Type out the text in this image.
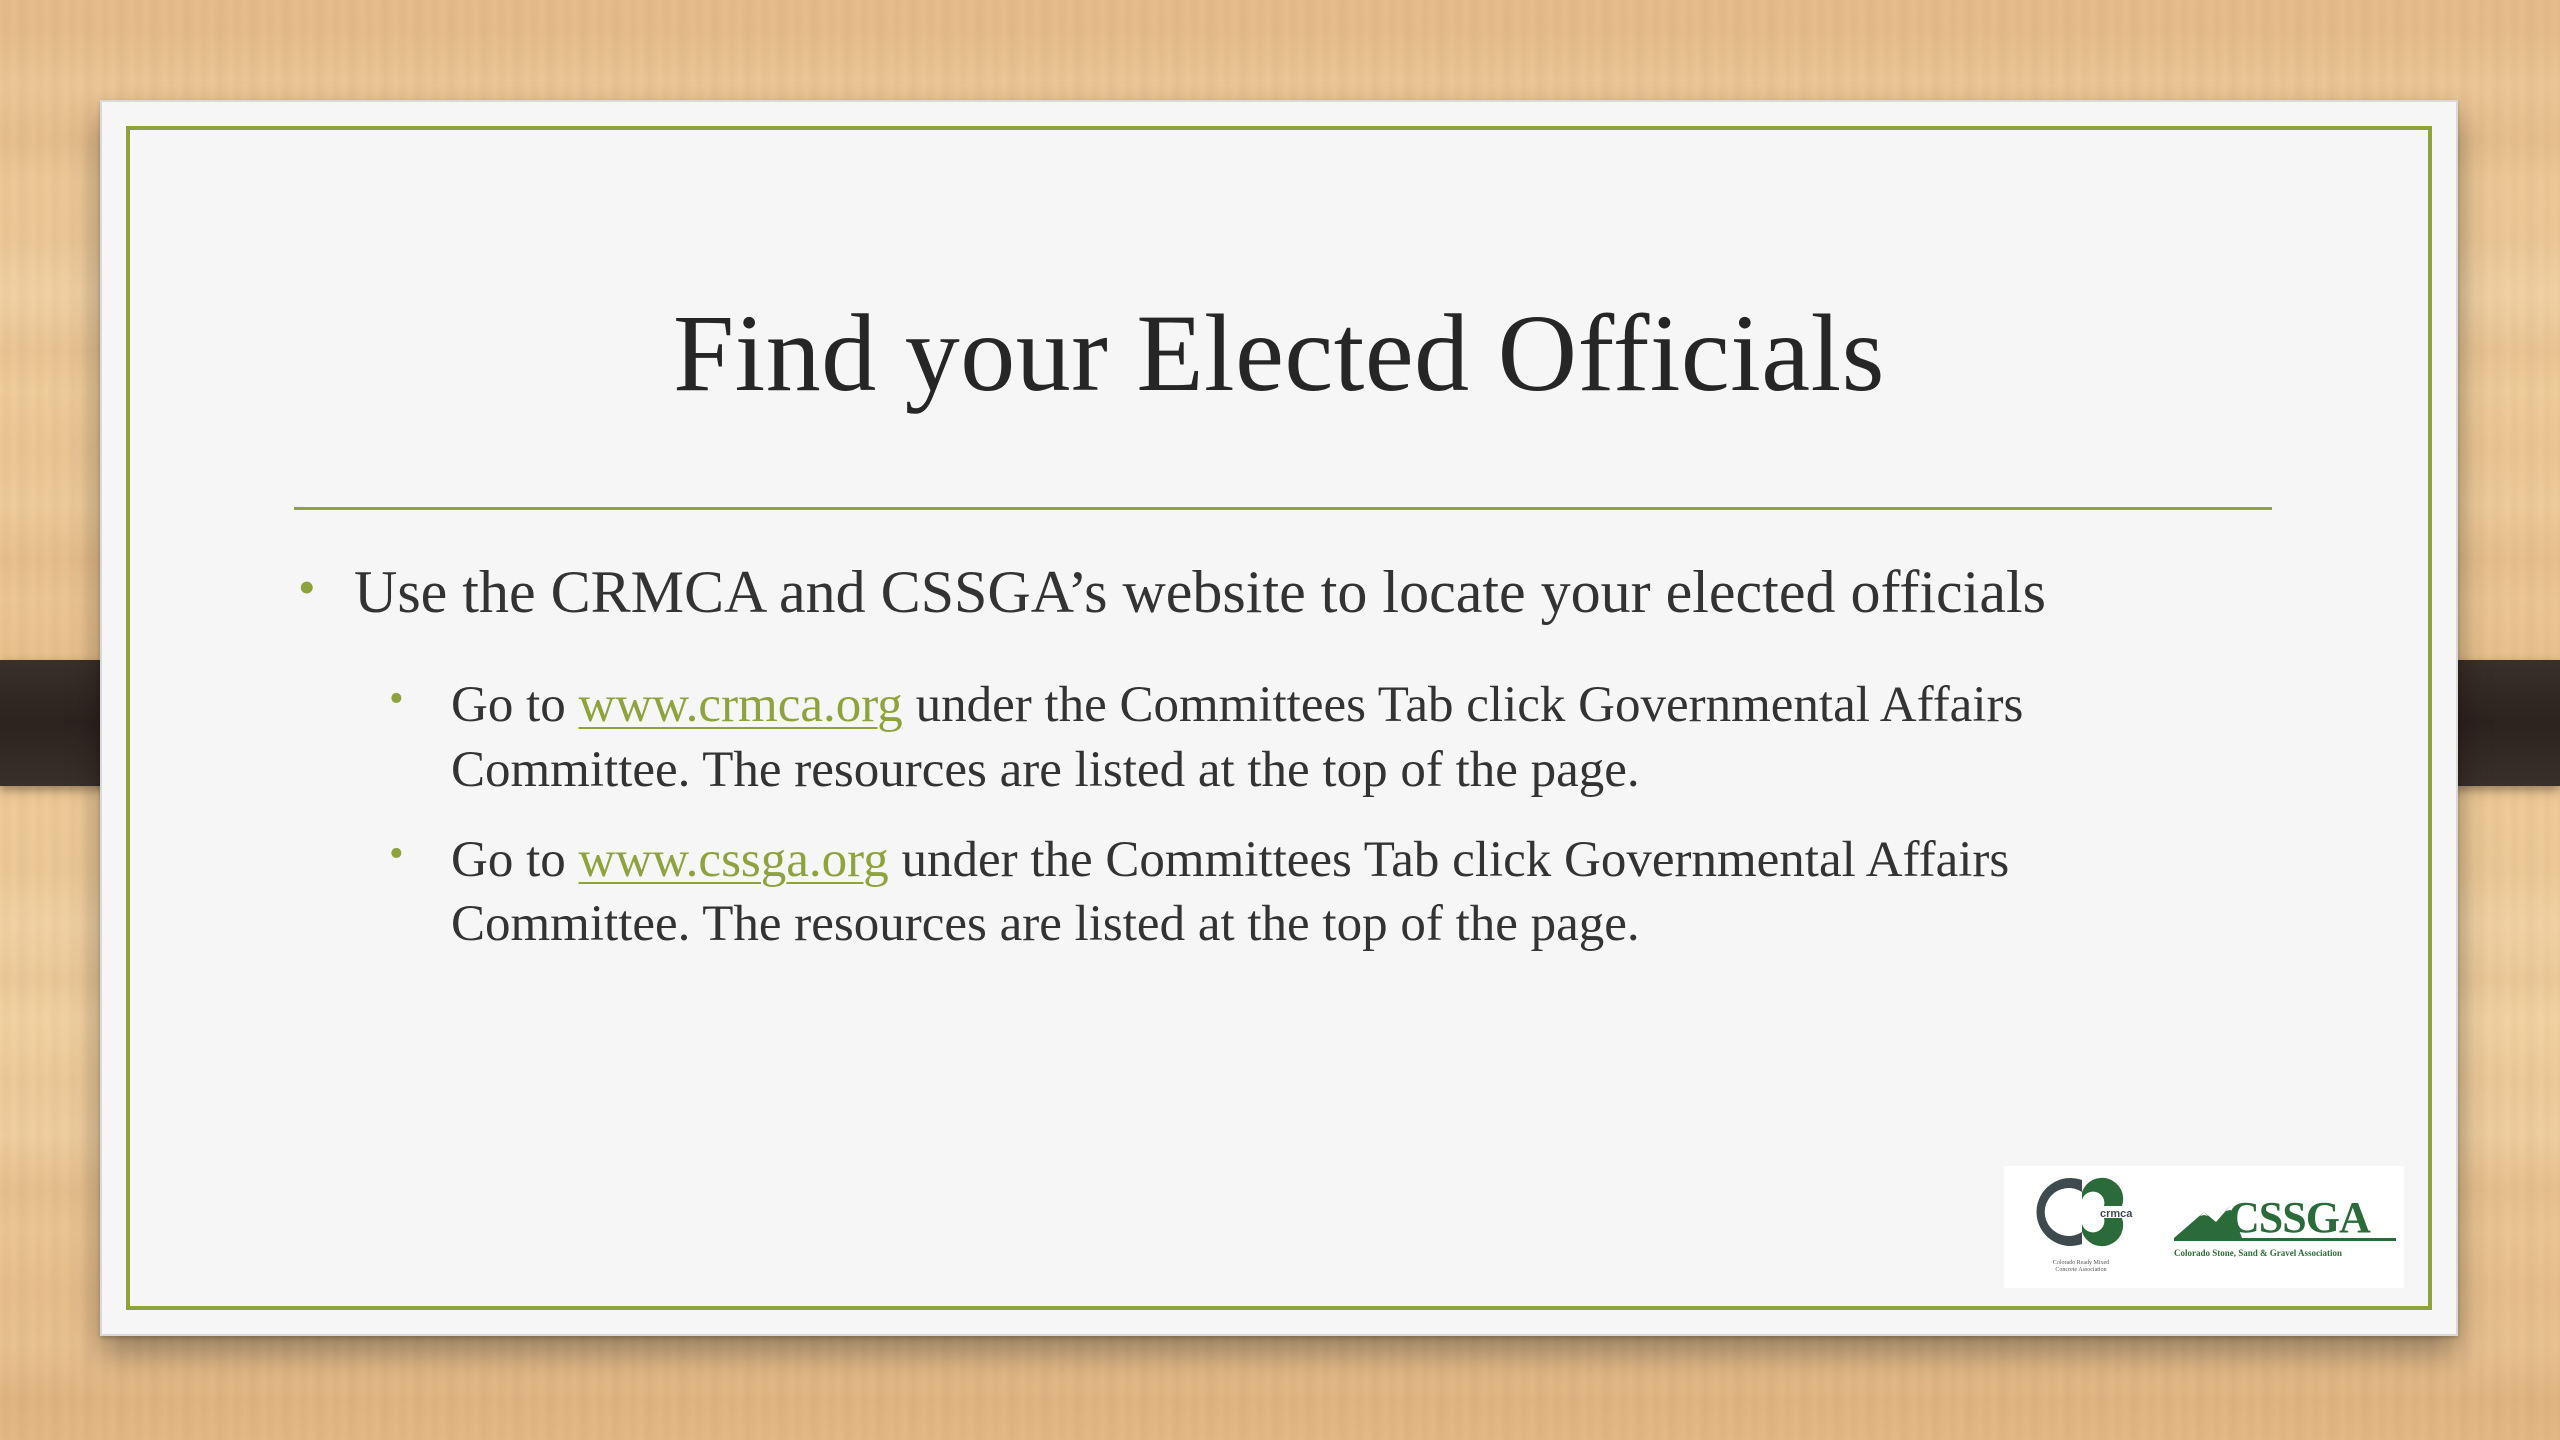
Find your Elected Officials
• Use the CRMCA and CSSGA’s website to locate your elected officials
• Go to www.crmca.org under the Committees Tab click Governmental Affairs
Committee. The resources are listed at the top of the page.
• Go to www.cssga.org under the Committees Tab click Governmental Affairs
Committee. The resources are listed at the top of the page.
crmca
Colorado Ready Mixed
Concrete Association
CSSGA
Colorado Stone, Sand & Gravel Association
